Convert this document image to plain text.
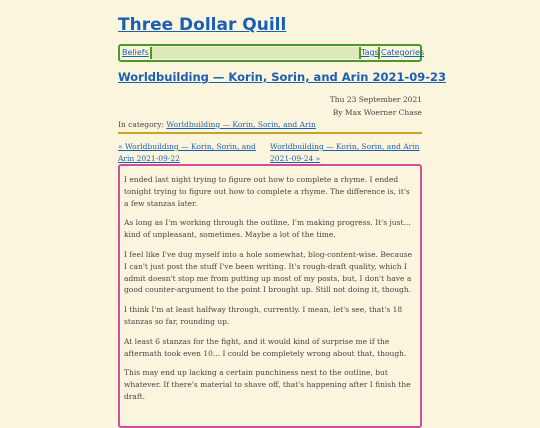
Three Dollar Quill
Beliefs	Tags Categories
Worldbuilding — Korin, Sorin, and Arin 2021-09-23
Thu 23 September 2021
By Max Woerner Chase
In category: Worldbuilding — Korin, Sorin, and Arin
« Worldbuilding — Korin, Sorin, and Arin 2021-09-22
Worldbuilding — Korin, Sorin, and Arin 2021-09-24 »

I ended last night trying to figure out how to complete a rhyme. I ended tonight trying to figure out how to complete a rhyme. The difference is, it's a few stanzas later.

As long as I'm working through the outline, I'm making progress. It's just... kind of unpleasant, sometimes. Maybe a lot of the time.

I feel like I've dug myself into a hole somewhat, blog-content-wise. Because I can't just post the stuff I've been writing. It's rough-draft quality, which I admit doesn't stop me from putting up most of my posts, but, I don't have a good counter-argument to the point I brought up. Still not doing it, though.

I think I'm at least halfway through, currently. I mean, let's see, that's 18 stanzas so far, rounding up.

At least 6 stanzas for the fight, and it would kind of surprise me if the aftermath took even 10... I could be completely wrong about that, though.

This may end up lacking a certain punchiness next to the outline, but whatever. If there's material to shave off, that's happening after I finish the draft.
